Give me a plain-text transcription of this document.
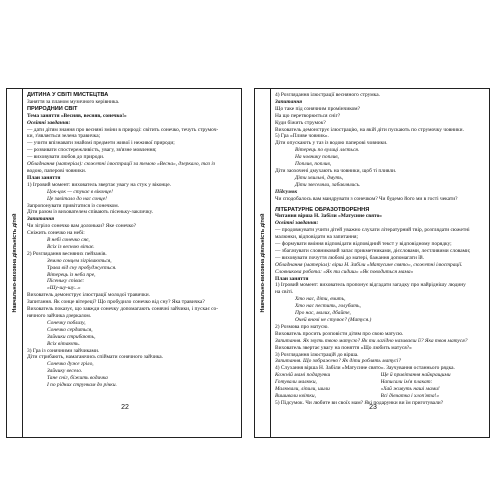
Навчально-виховна діяльність дітей
ДИТИНА У СВІТІ МИСТЕЦТВА
Заняття за планом музичного керівника.
ПРИРОДНИЙ СВІТ
Тема заняття «Весняв, весняв, сонечко!»
Освітні завдання:
— дати дітям знання про весняні зміни в природі: світить сонечко, течуть струмоч-
ки, з'являється зелена травичка;
— учити впізнавати знайомі предмети живої і неживої природи;
— розвивати спостережливість, увагу, зв'язне мовлення;
— виховувати любов до природи.
Обладнання (матеріал): сюжетні ілюстрації за темою «Весна», дзеркало, таз із
водою, паперові човники.
План заняття
1) Ігровий момент: вихователь звертає увагу на стук у віконце.
Цок-цок — стукає в віконце!
Це завітало до нас сонце!
Запропонувати привітатися із сонечком.
Діти разом із вихователем співають пісеньку-закличку.
Запитання
Чи зігріло сонечко вам долоньки? Яке сонечко?
Сніжить сонечко на небі:
В небі сонечко сяє,
Всіх із весною вітає.
2) Розглядання весняних пейзажів.
Землю сонцем зігріваються,
Трава від сну пробуджується.
Вітерець із неба пре,
Пісеньку співає:
«Шу-шу-шу...»
Вихователь демонструє ілюстрації молодої травички.
Запитання. Як сонце вітереці? Що пробудило сонечко від сну? Яка травичка?
Вихователь показує, що завжди сонечку допомагають сонячні зайчики, і пускає со-
нячного зайчика дзеркалом.
Сонечку поблизу,
Сонечко сердиться,
Зайчики стрибають,
Всіх вітають.
3) Гра із сонячними зайчиками.
Діти стрибають, намагаючись спіймати сонячного зайчика.
Сонечко дуже гріло,
Зайчику весело.
Тане сніг, біжить водичка
І по рідних стрункам до річки.
22
Навчально-виховна діяльність дітей
4) Розглядання ілюстрації весняного струмка.
Запитання
Що таке під сонячним промінчиком?
На що перетворюється сніг?
Куди біжить струмок?
Вихователь демонструє ілюстрацію, на якій діти пускають по струмочку човники.
5) Гра «Пливе човник».
Діти опускають у таз із водою паперові човники.
Вітерець по вулиці ллється.
На човнику поплив,
Поплив, поплив,
Діти заохочені дмухають на човники, щоб ті пливли.
Діти хвильні, дмуть,
Діти звеселяли, забавлялись.
Підсумок
Чи сподобалось вам мандрувати з сонечком? Чи будемо його ми в гості чекати?
ЛІТЕРАТУРНЕ ОБРАЗОТВОРЕННЯ
Читання вірша Н. Забіли «Матусине свято»
Освітні завдання:
— продовжувати учити дітей уважно слухати літературний твір, розглядати сюжетні
малюнки, відповідати на запитання;
— формувати вміння відповідати відповідний текст у відповідному порядку;
— збагачувати словниковий запас прикметниками, дієсловами, лестливими словами;
— виховувати почуття любові до матері, бажання допомагати їй.
Обладнання (матеріал): вірш Н. Забіли «Матусине свято», сюжетні ілюстрації.
Словникова робота: «Як ти сидиш» «Як поводиться мама»
План заняття
1) Ігровий момент: вихователь пропонує відгадати загадку про найріднішу людину
на світі.
Хто нас, діти, вчить,
Хто нас пестить, голубить,
Про нас, малих, дбайте,
Очей вночі не стулює? (Матуся.)
2) Розмова про матусю.
Вихователь просить розповісти дітям про свою матусю.
Запитання. Як звуть твою матусю? Як ти лагідно називаєш її? Яка твоя матуся?
Вихователь звертає увагу на поняття «Що любить матуся?»
3) Розглядання ілюстрацій до вірша.
Запитання. Що зображено? Як діти роблять матусі?
4) Слухання вірша Н. Забіли «Матусине свято». Заучування останнього рядка.
Кожній мамі подарунки	Ще й привітання найкращими
Готували малюки,	Написали ім'я плакат:
Малювали, ліпили, шили	«Хай живуть наші мами!
Вишивали квітки,	Всі дівчатка і хлоп'ята!»
5) Підсумок. Чи любите ви своїх мам? Які подарунки ви їм приготували?
23
